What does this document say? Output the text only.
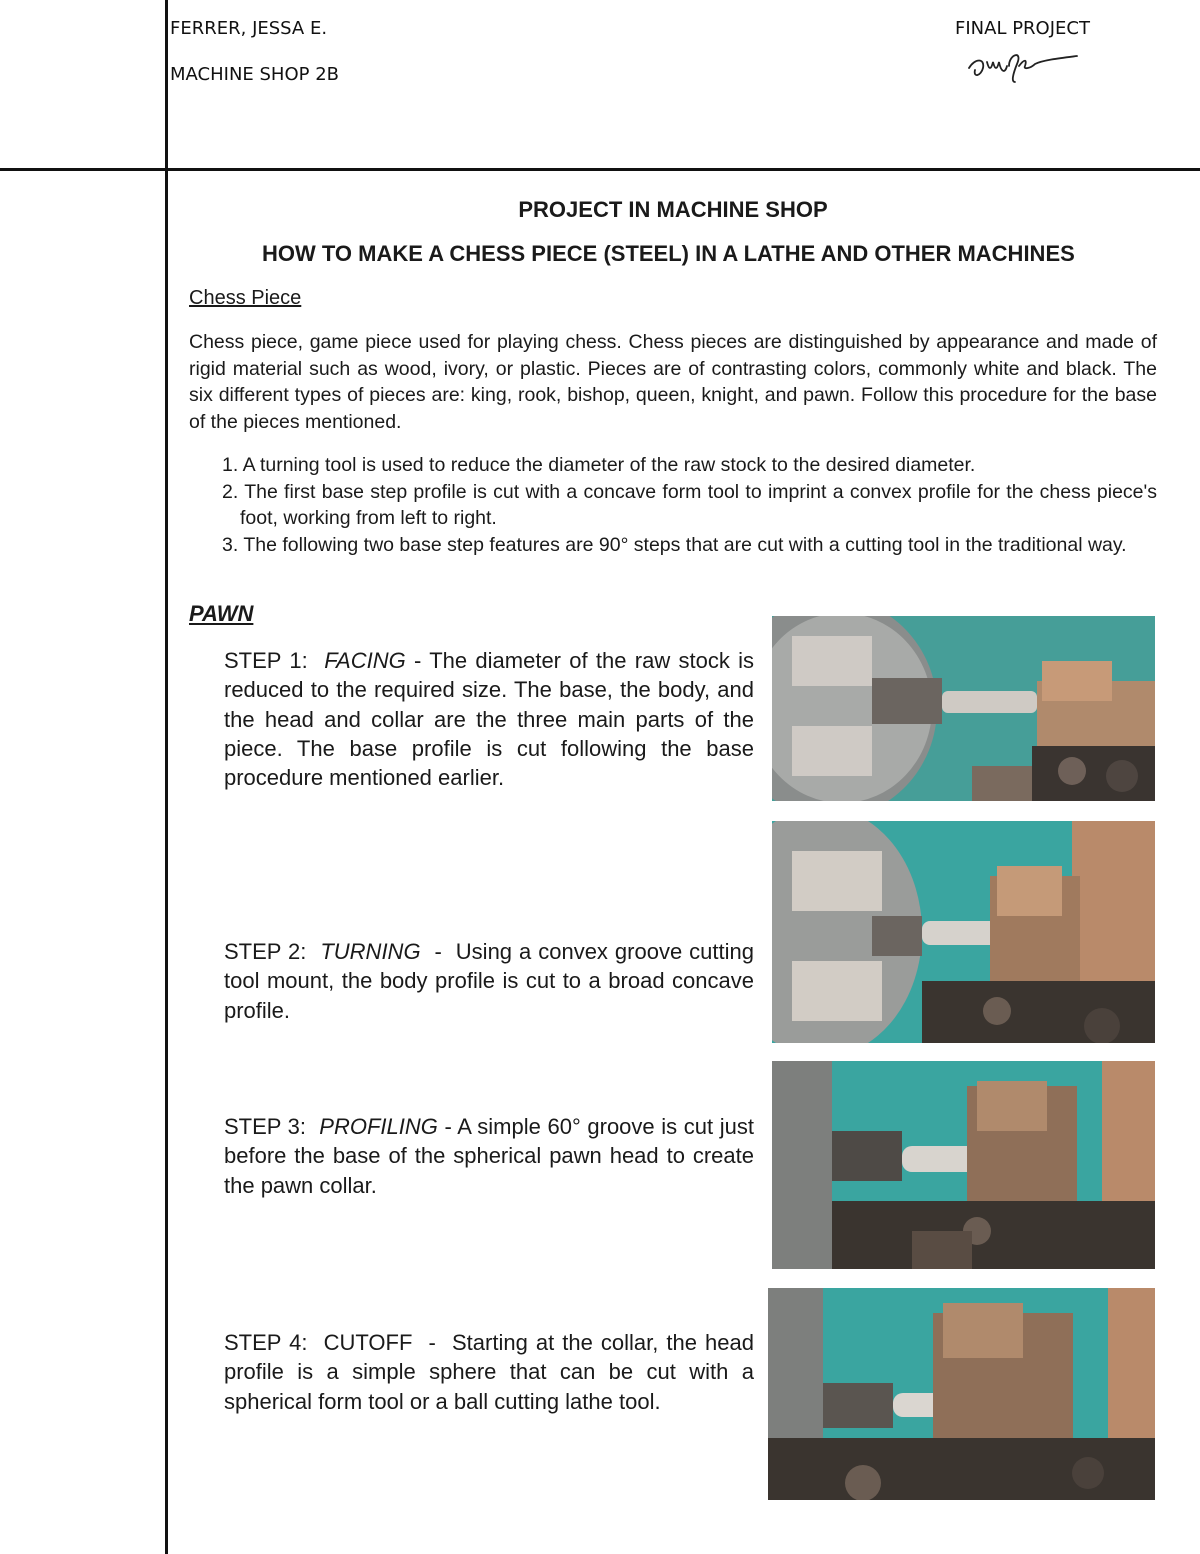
FERRER, JESSA E.
MACHINE SHOP 2B
FINAL PROJECT
PROJECT IN MACHINE SHOP
HOW TO MAKE A CHESS PIECE (STEEL) IN A LATHE AND OTHER MACHINES
Chess Piece

Chess piece, game piece used for playing chess. Chess pieces are distinguished by appearance and made of rigid material such as wood, ivory, or plastic. Pieces are of contrasting colors, commonly white and black. The six different types of pieces are: king, rook, bishop, queen, knight, and pawn. Follow this procedure for the base of the pieces mentioned.

1. A turning tool is used to reduce the diameter of the raw stock to the desired diameter.
2. The first base step profile is cut with a concave form tool to imprint a convex profile for the chess piece's foot, working from left to right.
3. The following two base step features are 90° steps that are cut with a cutting tool in the traditional way.
PAWN
STEP 1: FACING - The diameter of the raw stock is reduced to the required size. The base, the body, and the head and collar are the three main parts of the piece. The base profile is cut following the base procedure mentioned earlier.
STEP 2: TURNING - Using a convex groove cutting tool mount, the body profile is cut to a broad concave profile.
STEP 3: PROFILING - A simple 60° groove is cut just before the base of the spherical pawn head to create the pawn collar.
STEP 4: CUTOFF - Starting at the collar, the head profile is a simple sphere that can be cut with a spherical form tool or a ball cutting lathe tool.
